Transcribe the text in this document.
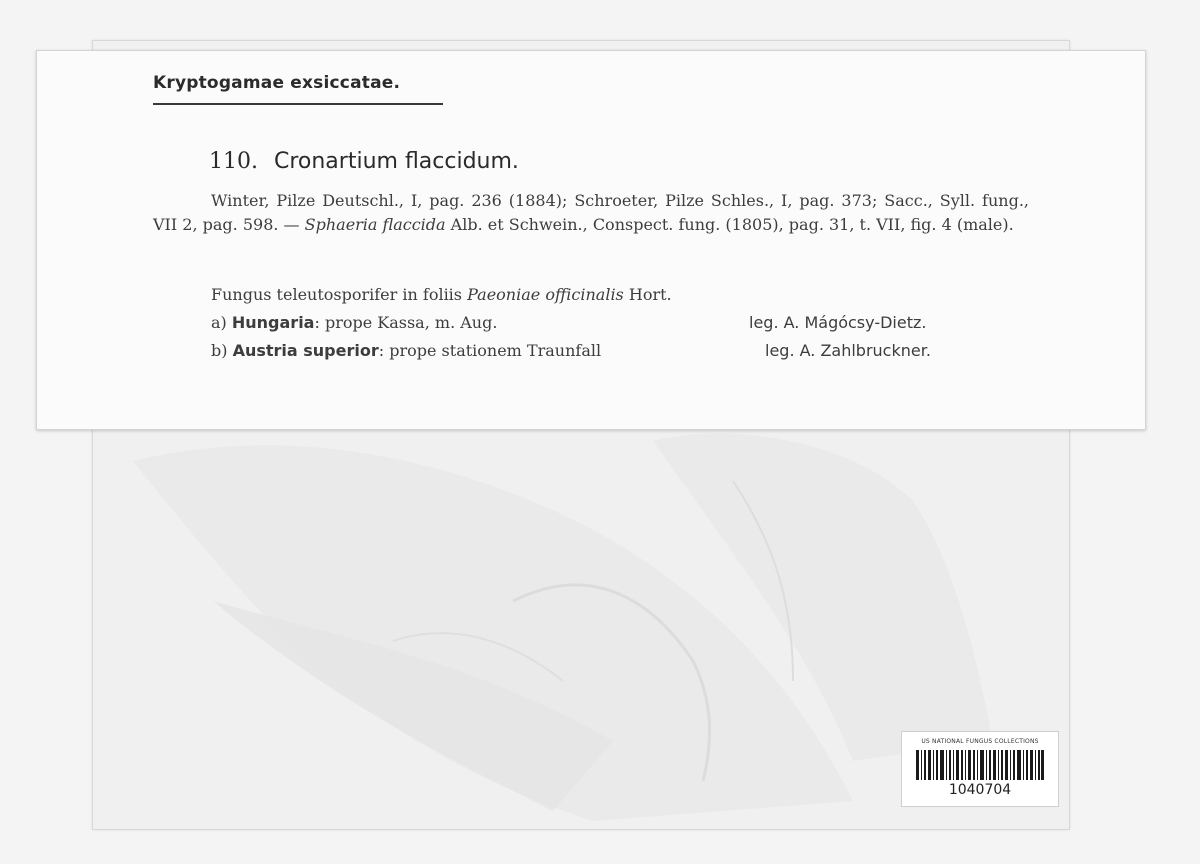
US NATIONAL FUNGUS COLLECTIONS
1040704
Kryptogamae exsiccatae.
110. Cronartium flaccidum.
Winter, Pilze Deutschl., I, pag. 236 (1884); Schroeter, Pilze Schles., I, pag. 373; Sacc., Syll. fung., VII 2, pag. 598. — Sphaeria flaccida Alb. et Schwein., Conspect. fung. (1805), pag. 31, t. VII, fig. 4 (male).
Fungus teleutosporifer in foliis Paeoniae officinalis Hort.
a) Hungaria: prope Kassa, m. Aug.	leg. A. Mágócsy-Dietz.
b) Austria superior: prope stationem Traunfall	leg. A. Zahlbruckner.
